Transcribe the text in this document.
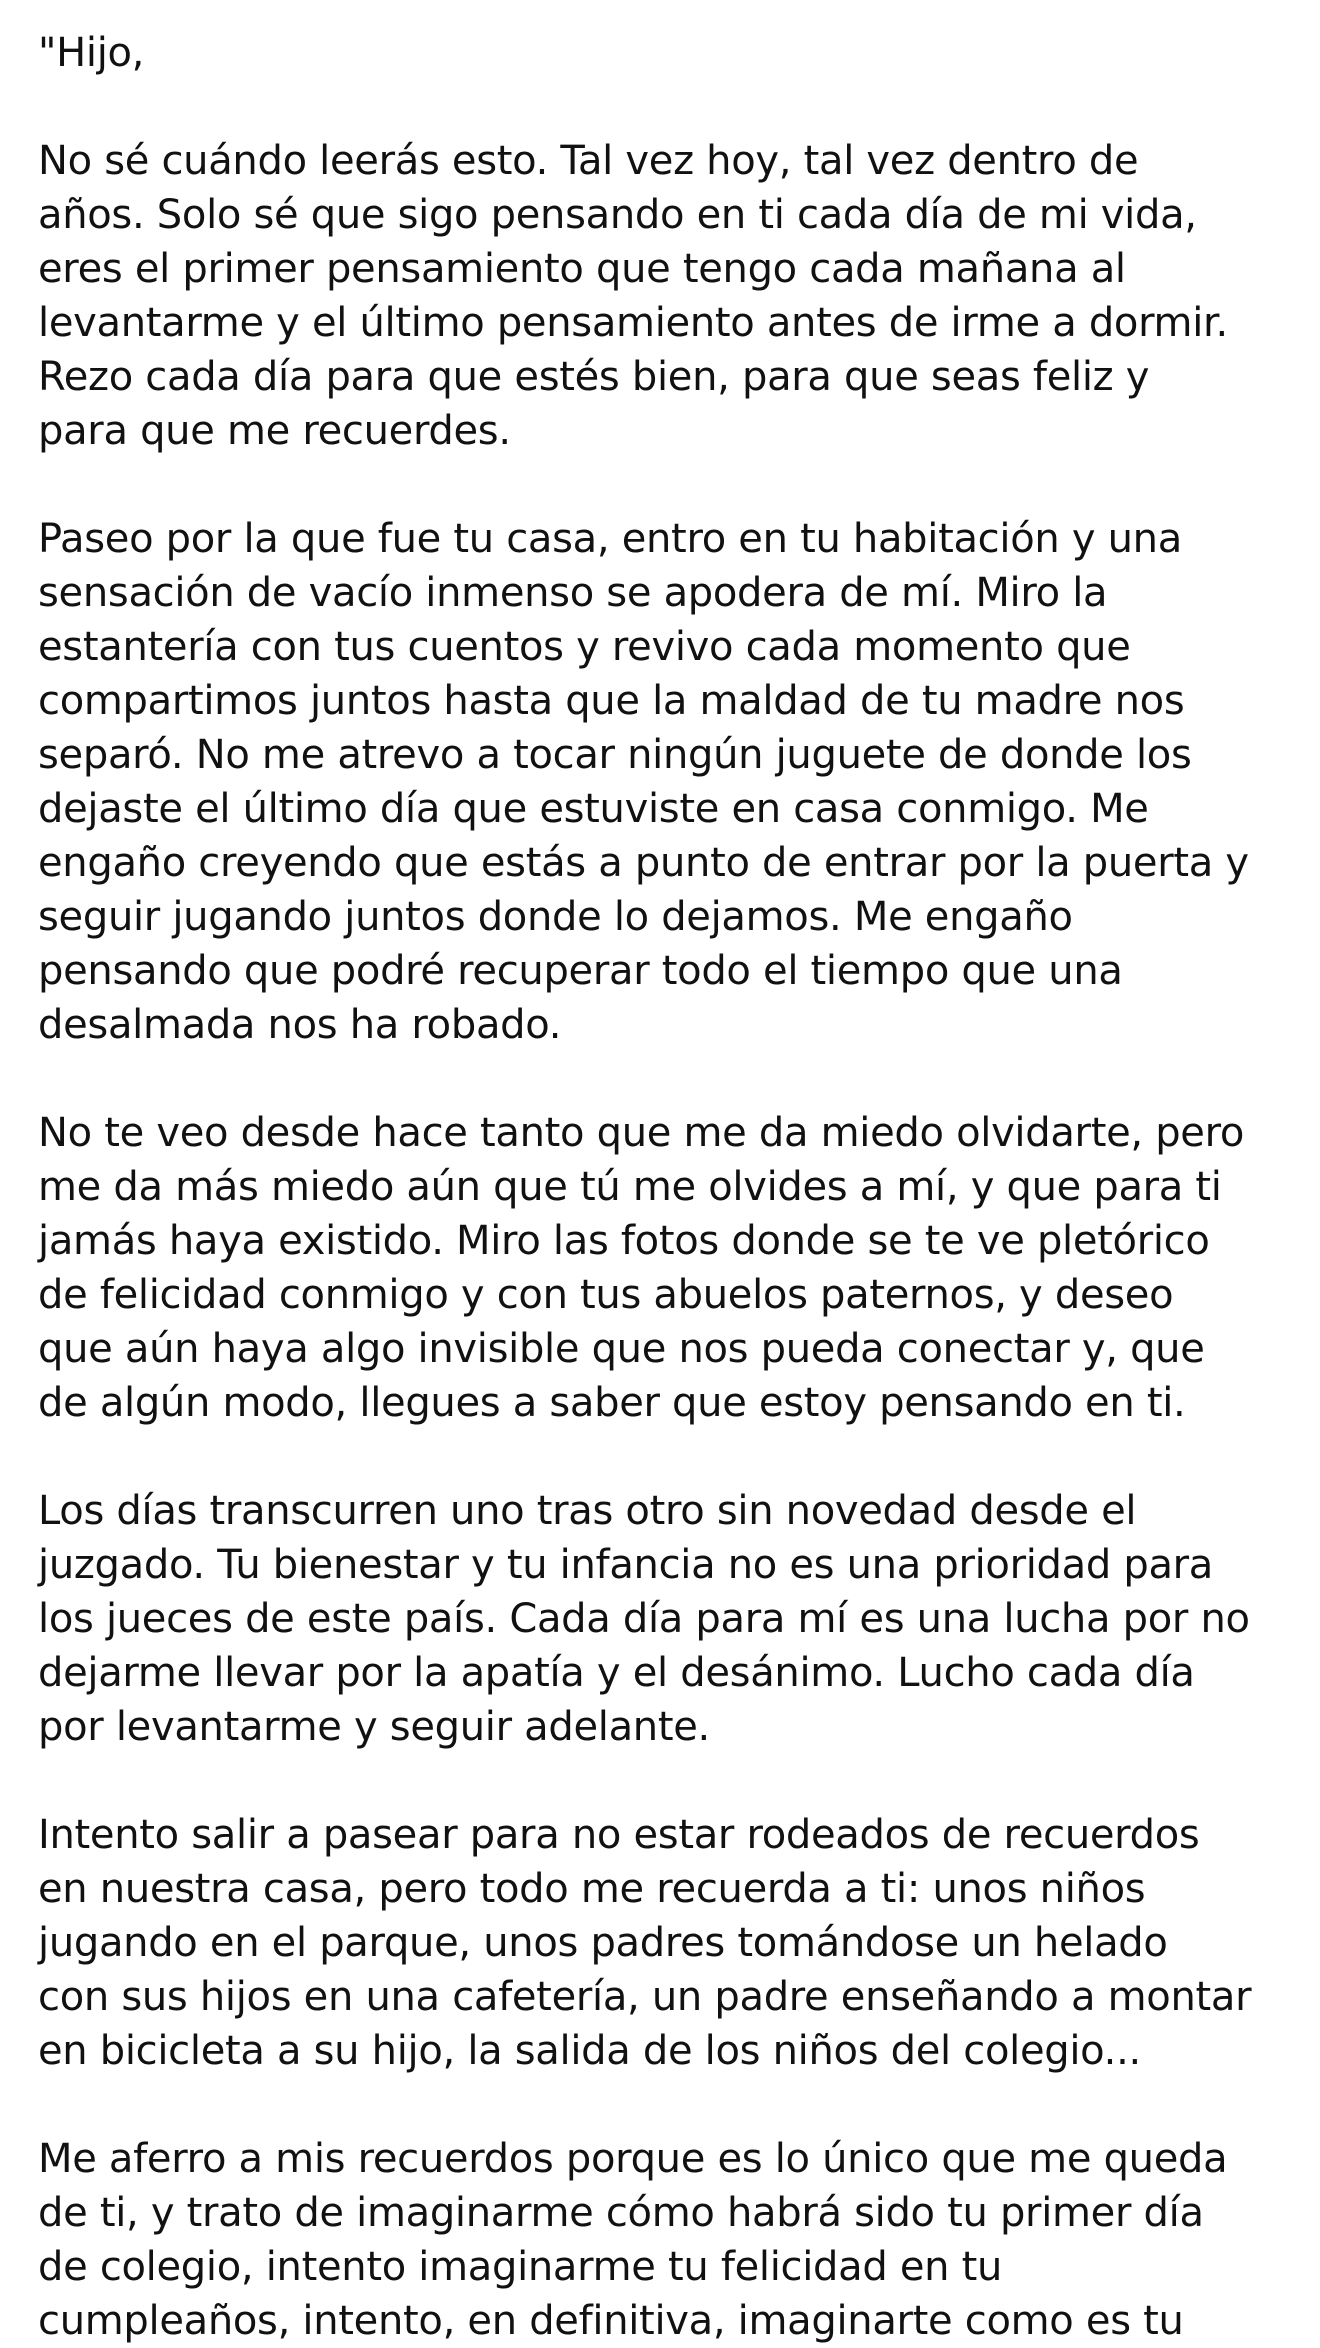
"Hijo,
No sé cuándo leerás esto. Tal vez hoy, tal vez dentro de
años. Solo sé que sigo pensando en ti cada día de mi vida,
eres el primer pensamiento que tengo cada mañana al
levantarme y el último pensamiento antes de irme a dormir.
Rezo cada día para que estés bien, para que seas feliz y
para que me recuerdes.
Paseo por la que fue tu casa, entro en tu habitación y una
sensación de vacío inmenso se apodera de mí. Miro la
estantería con tus cuentos y revivo cada momento que
compartimos juntos hasta que la maldad de tu madre nos
separó. No me atrevo a tocar ningún juguete de donde los
dejaste el último día que estuviste en casa conmigo. Me
engaño creyendo que estás a punto de entrar por la puerta y
seguir jugando juntos donde lo dejamos. Me engaño
pensando que podré recuperar todo el tiempo que una
desalmada nos ha robado.
No te veo desde hace tanto que me da miedo olvidarte, pero
me da más miedo aún que tú me olvides a mí, y que para ti
jamás haya existido. Miro las fotos donde se te ve pletórico
de felicidad conmigo y con tus abuelos paternos, y deseo
que aún haya algo invisible que nos pueda conectar y, que
de algún modo, llegues a saber que estoy pensando en ti.
Los días transcurren uno tras otro sin novedad desde el
juzgado. Tu bienestar y tu infancia no es una prioridad para
los jueces de este país. Cada día para mí es una lucha por no
dejarme llevar por la apatía y el desánimo. Lucho cada día
por levantarme y seguir adelante.
Intento salir a pasear para no estar rodeados de recuerdos
en nuestra casa, pero todo me recuerda a ti: unos niños
jugando en el parque, unos padres tomándose un helado
con sus hijos en una cafetería, un padre enseñando a montar
en bicicleta a su hijo, la salida de los niños del colegio...
Me aferro a mis recuerdos porque es lo único que me queda
de ti, y trato de imaginarme cómo habrá sido tu primer día
de colegio, intento imaginarme tu felicidad en tu
cumpleaños, intento, en definitiva, imaginarte como es tu
